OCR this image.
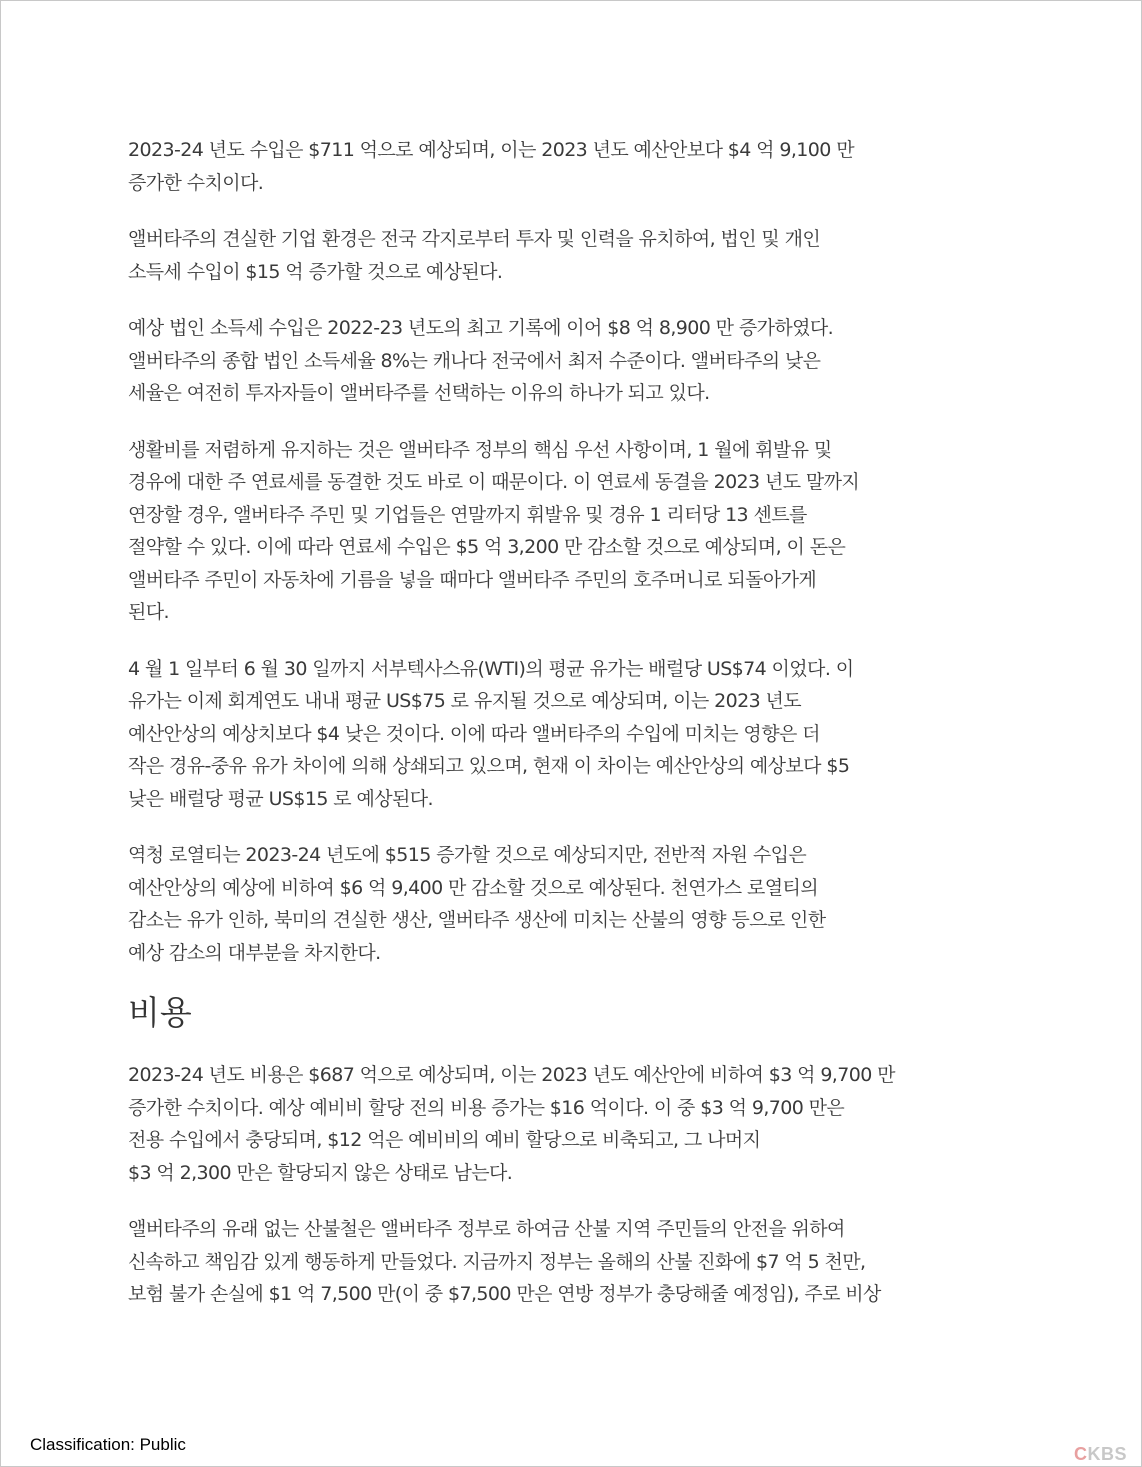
2023-24 년도 수입은 $711 억으로 예상되며, 이는 2023 년도 예산안보다 $4 억 9,100 만
증가한 수치이다.

앨버타주의 견실한 기업 환경은 전국 각지로부터 투자 및 인력을 유치하여, 법인 및 개인
소득세 수입이 $15 억 증가할 것으로 예상된다.

예상 법인 소득세 수입은 2022-23 년도의 최고 기록에 이어 $8 억 8,900 만 증가하였다.
앨버타주의 종합 법인 소득세율 8%는 캐나다 전국에서 최저 수준이다. 앨버타주의 낮은
세율은 여전히 투자자들이 앨버타주를 선택하는 이유의 하나가 되고 있다.

생활비를 저렴하게 유지하는 것은 앨버타주 정부의 핵심 우선 사항이며, 1 월에 휘발유 및
경유에 대한 주 연료세를 동결한 것도 바로 이 때문이다. 이 연료세 동결을 2023 년도 말까지
연장할 경우, 앨버타주 주민 및 기업들은 연말까지 휘발유 및 경유 1 리터당 13 센트를
절약할 수 있다. 이에 따라 연료세 수입은 $5 억 3,200 만 감소할 것으로 예상되며, 이 돈은
앨버타주 주민이 자동차에 기름을 넣을 때마다 앨버타주 주민의 호주머니로 되돌아가게
된다.

4 월 1 일부터 6 월 30 일까지 서부텍사스유(WTI)의 평균 유가는 배럴당 US$74 이었다. 이
유가는 이제 회계연도 내내 평균 US$75 로 유지될 것으로 예상되며, 이는 2023 년도
예산안상의 예상치보다 $4 낮은 것이다. 이에 따라 앨버타주의 수입에 미치는 영향은 더
작은 경유-중유 유가 차이에 의해 상쇄되고 있으며, 현재 이 차이는 예산안상의 예상보다 $5
낮은 배럴당 평균 US$15 로 예상된다.

역청 로열티는 2023-24 년도에 $515 증가할 것으로 예상되지만, 전반적 자원 수입은
예산안상의 예상에 비하여 $6 억 9,400 만 감소할 것으로 예상된다. 천연가스 로열티의
감소는 유가 인하, 북미의 견실한 생산, 앨버타주 생산에 미치는 산불의 영향 등으로 인한
예상 감소의 대부분을 차지한다.

비용

2023-24 년도 비용은 $687 억으로 예상되며, 이는 2023 년도 예산안에 비하여 $3 억 9,700 만
증가한 수치이다. 예상 예비비 할당 전의 비용 증가는 $16 억이다. 이 중 $3 억 9,700 만은
전용 수입에서 충당되며, $12 억은 예비비의 예비 할당으로 비축되고, 그 나머지
$3 억 2,300 만은 할당되지 않은 상태로 남는다.

앨버타주의 유래 없는 산불철은 앨버타주 정부로 하여금 산불 지역 주민들의 안전을 위하여
신속하고 책임감 있게 행동하게 만들었다. 지금까지 정부는 올해의 산불 진화에 $7 억 5 천만,
보험 불가 손실에 $1 억 7,500 만(이 중 $7,500 만은 연방 정부가 충당해줄 예정임), 주로 비상

Classification: Public	CKBS
